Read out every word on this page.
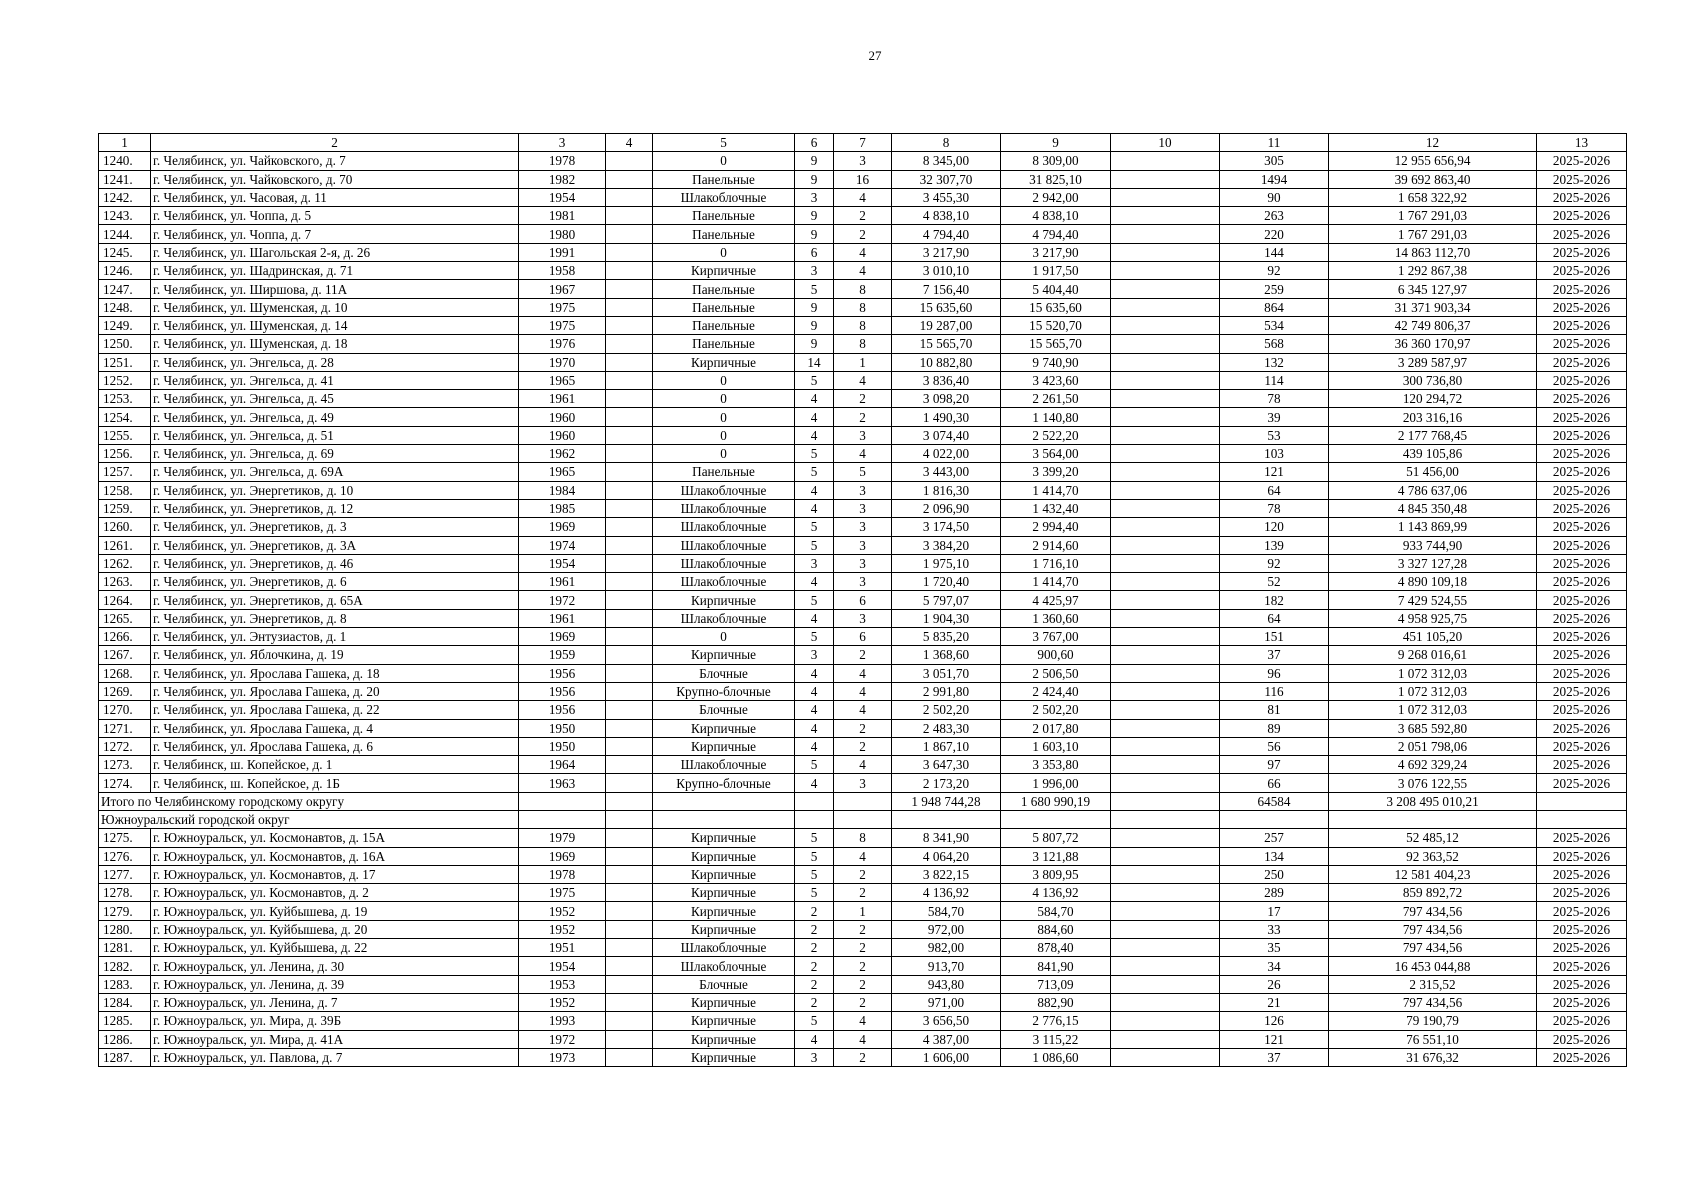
27
1	2	3	4	5	6	7	8	9	10	11	12	13
1240.	г. Челябинск, ул. Чайковского, д. 7	1978		0	9	3	8 345,00	8 309,00		305	12 955 656,94	2025-2026
1241.	г. Челябинск, ул. Чайковского, д. 70	1982		Панельные	9	16	32 307,70	31 825,10		1494	39 692 863,40	2025-2026
1242.	г. Челябинск, ул. Часовая, д. 11	1954		Шлакоблочные	3	4	3 455,30	2 942,00		90	1 658 322,92	2025-2026
1243.	г. Челябинск, ул. Чоппа, д. 5	1981		Панельные	9	2	4 838,10	4 838,10		263	1 767 291,03	2025-2026
1244.	г. Челябинск, ул. Чоппа, д. 7	1980		Панельные	9	2	4 794,40	4 794,40		220	1 767 291,03	2025-2026
1245.	г. Челябинск, ул. Шагольская 2-я, д. 26	1991		0	6	4	3 217,90	3 217,90		144	14 863 112,70	2025-2026
1246.	г. Челябинск, ул. Шадринская, д. 71	1958		Кирпичные	3	4	3 010,10	1 917,50		92	1 292 867,38	2025-2026
1247.	г. Челябинск, ул. Ширшова, д. 11А	1967		Панельные	5	8	7 156,40	5 404,40		259	6 345 127,97	2025-2026
1248.	г. Челябинск, ул. Шуменская, д. 10	1975		Панельные	9	8	15 635,60	15 635,60		864	31 371 903,34	2025-2026
1249.	г. Челябинск, ул. Шуменская, д. 14	1975		Панельные	9	8	19 287,00	15 520,70		534	42 749 806,37	2025-2026
1250.	г. Челябинск, ул. Шуменская, д. 18	1976		Панельные	9	8	15 565,70	15 565,70		568	36 360 170,97	2025-2026
1251.	г. Челябинск, ул. Энгельса, д. 28	1970		Кирпичные	14	1	10 882,80	9 740,90		132	3 289 587,97	2025-2026
1252.	г. Челябинск, ул. Энгельса, д. 41	1965		0	5	4	3 836,40	3 423,60		114	300 736,80	2025-2026
1253.	г. Челябинск, ул. Энгельса, д. 45	1961		0	4	2	3 098,20	2 261,50		78	120 294,72	2025-2026
1254.	г. Челябинск, ул. Энгельса, д. 49	1960		0	4	2	1 490,30	1 140,80		39	203 316,16	2025-2026
1255.	г. Челябинск, ул. Энгельса, д. 51	1960		0	4	3	3 074,40	2 522,20		53	2 177 768,45	2025-2026
1256.	г. Челябинск, ул. Энгельса, д. 69	1962		0	5	4	4 022,00	3 564,00		103	439 105,86	2025-2026
1257.	г. Челябинск, ул. Энгельса, д. 69А	1965		Панельные	5	5	3 443,00	3 399,20		121	51 456,00	2025-2026
1258.	г. Челябинск, ул. Энергетиков, д. 10	1984		Шлакоблочные	4	3	1 816,30	1 414,70		64	4 786 637,06	2025-2026
1259.	г. Челябинск, ул. Энергетиков, д. 12	1985		Шлакоблочные	4	3	2 096,90	1 432,40		78	4 845 350,48	2025-2026
1260.	г. Челябинск, ул. Энергетиков, д. 3	1969		Шлакоблочные	5	3	3 174,50	2 994,40		120	1 143 869,99	2025-2026
1261.	г. Челябинск, ул. Энергетиков, д. 3А	1974		Шлакоблочные	5	3	3 384,20	2 914,60		139	933 744,90	2025-2026
1262.	г. Челябинск, ул. Энергетиков, д. 46	1954		Шлакоблочные	3	3	1 975,10	1 716,10		92	3 327 127,28	2025-2026
1263.	г. Челябинск, ул. Энергетиков, д. 6	1961		Шлакоблочные	4	3	1 720,40	1 414,70		52	4 890 109,18	2025-2026
1264.	г. Челябинск, ул. Энергетиков, д. 65А	1972		Кирпичные	5	6	5 797,07	4 425,97		182	7 429 524,55	2025-2026
1265.	г. Челябинск, ул. Энергетиков, д. 8	1961		Шлакоблочные	4	3	1 904,30	1 360,60		64	4 958 925,75	2025-2026
1266.	г. Челябинск, ул. Энтузиастов, д. 1	1969		0	5	6	5 835,20	3 767,00		151	451 105,20	2025-2026
1267.	г. Челябинск, ул. Яблочкина, д. 19	1959		Кирпичные	3	2	1 368,60	900,60		37	9 268 016,61	2025-2026
1268.	г. Челябинск, ул. Ярослава Гашека, д. 18	1956		Блочные	4	4	3 051,70	2 506,50		96	1 072 312,03	2025-2026
1269.	г. Челябинск, ул. Ярослава Гашека, д. 20	1956		Крупно-блочные	4	4	2 991,80	2 424,40		116	1 072 312,03	2025-2026
1270.	г. Челябинск, ул. Ярослава Гашека, д. 22	1956		Блочные	4	4	2 502,20	2 502,20		81	1 072 312,03	2025-2026
1271.	г. Челябинск, ул. Ярослава Гашека, д. 4	1950		Кирпичные	4	2	2 483,30	2 017,80		89	3 685 592,80	2025-2026
1272.	г. Челябинск, ул. Ярослава Гашека, д. 6	1950		Кирпичные	4	2	1 867,10	1 603,10		56	2 051 798,06	2025-2026
1273.	г. Челябинск, ш. Копейское, д. 1	1964		Шлакоблочные	5	4	3 647,30	3 353,80		97	4 692 329,24	2025-2026
1274.	г. Челябинск, ш. Копейское, д. 1Б	1963		Крупно-блочные	4	3	2 173,20	1 996,00		66	3 076 122,55	2025-2026
Итого по Челябинскому городскому округу							1 948 744,28	1 680 990,19		64584	3 208 495 010,21	
Южноуральский городской округ												
1275.	г. Южноуральск, ул. Космонавтов, д. 15А	1979		Кирпичные	5	8	8 341,90	5 807,72		257	52 485,12	2025-2026
1276.	г. Южноуральск, ул. Космонавтов, д. 16А	1969		Кирпичные	5	4	4 064,20	3 121,88		134	92 363,52	2025-2026
1277.	г. Южноуральск, ул. Космонавтов, д. 17	1978		Кирпичные	5	2	3 822,15	3 809,95		250	12 581 404,23	2025-2026
1278.	г. Южноуральск, ул. Космонавтов, д. 2	1975		Кирпичные	5	2	4 136,92	4 136,92		289	859 892,72	2025-2026
1279.	г. Южноуральск, ул. Куйбышева, д. 19	1952		Кирпичные	2	1	584,70	584,70		17	797 434,56	2025-2026
1280.	г. Южноуральск, ул. Куйбышева, д. 20	1952		Кирпичные	2	2	972,00	884,60		33	797 434,56	2025-2026
1281.	г. Южноуральск, ул. Куйбышева, д. 22	1951		Шлакоблочные	2	2	982,00	878,40		35	797 434,56	2025-2026
1282.	г. Южноуральск, ул. Ленина, д. 30	1954		Шлакоблочные	2	2	913,70	841,90		34	16 453 044,88	2025-2026
1283.	г. Южноуральск, ул. Ленина, д. 39	1953		Блочные	2	2	943,80	713,09		26	2 315,52	2025-2026
1284.	г. Южноуральск, ул. Ленина, д. 7	1952		Кирпичные	2	2	971,00	882,90		21	797 434,56	2025-2026
1285.	г. Южноуральск, ул. Мира, д. 39Б	1993		Кирпичные	5	4	3 656,50	2 776,15		126	79 190,79	2025-2026
1286.	г. Южноуральск, ул. Мира, д. 41А	1972		Кирпичные	4	4	4 387,00	3 115,22		121	76 551,10	2025-2026
1287.	г. Южноуральск, ул. Павлова, д. 7	1973		Кирпичные	3	2	1 606,00	1 086,60		37	31 676,32	2025-2026
